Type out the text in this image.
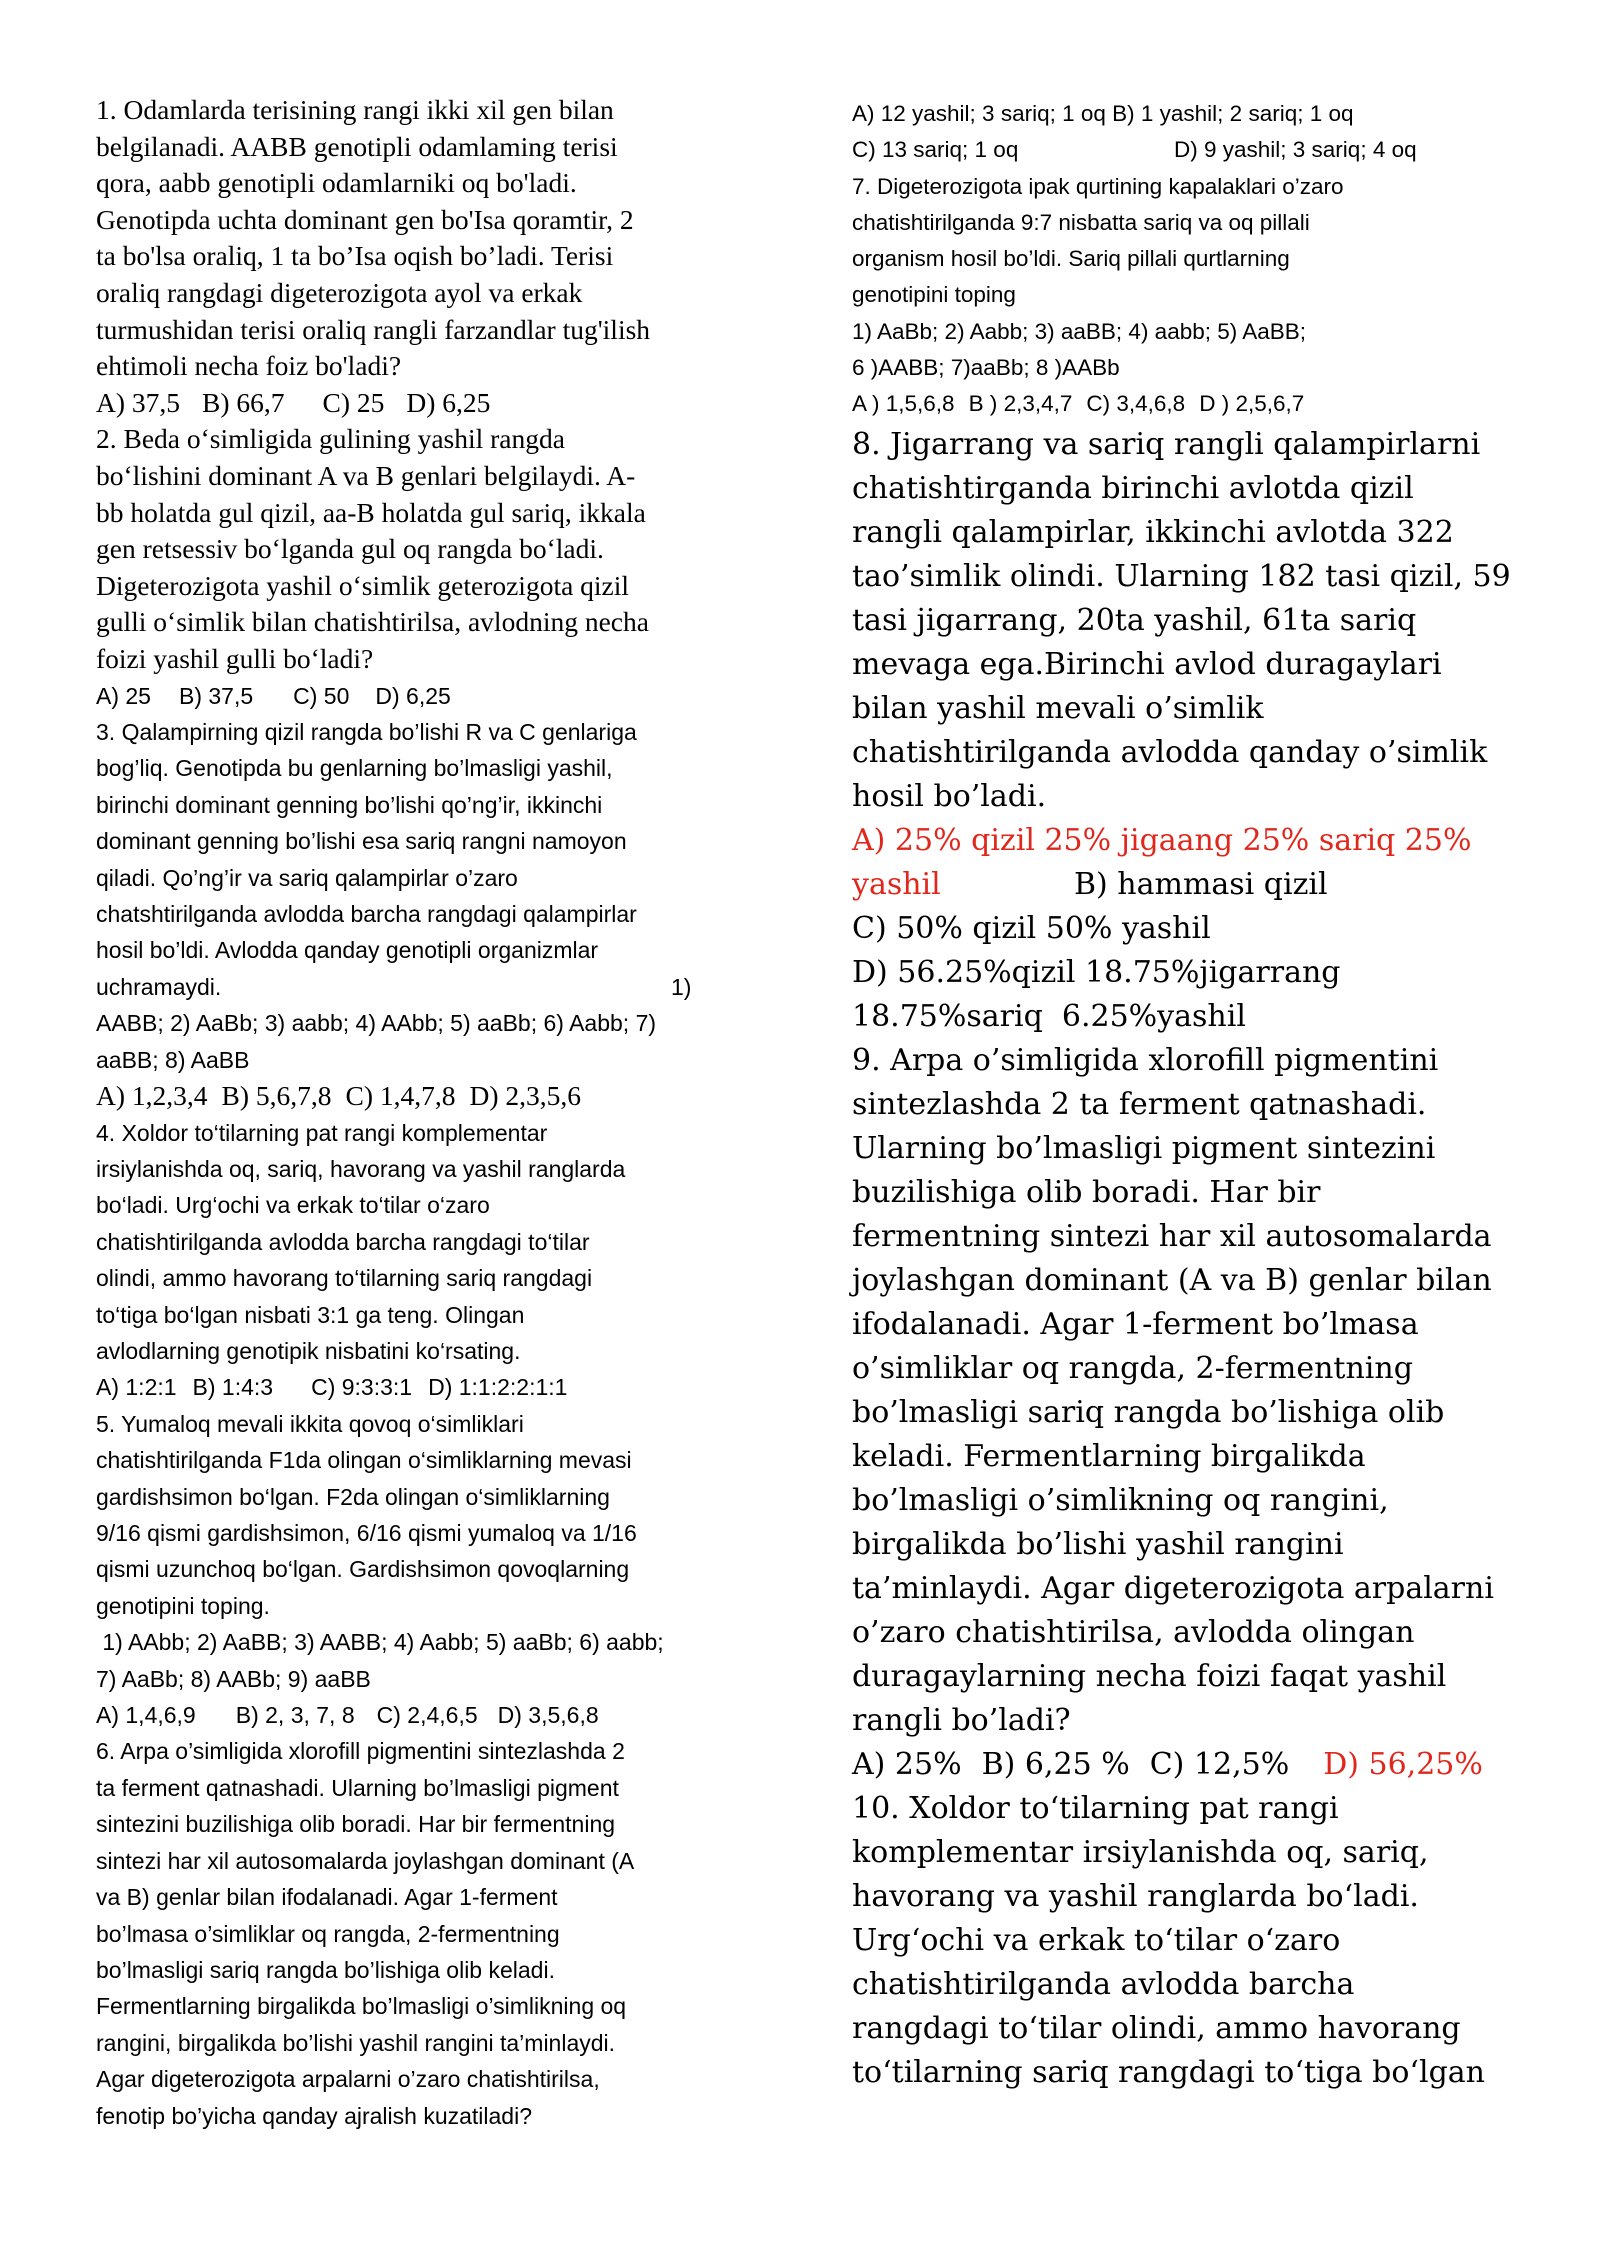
1. Odamlarda terisining rangi ikki xil gen bilan

belgilanadi. AABB genotipli odamlaming terisi

qora, aabb genotipli odamlarniki oq bo'ladi.

Genotipda uchta dominant gen bo'Isa qoramtir, 2

ta bo'lsa oraliq, 1 ta bo’Isa oqish bo’ladi. Terisi

oraliq rangdagi digeterozigota ayol va erkak

turmushidan terisi oraliq rangli farzandlar tug'ilish

ehtimoli necha foiz bo'ladi?

A) 37,5 B) 66,7 C) 25 D) 6,25

2. Beda o‘simligida gulining yashil rangda

bo‘lishini dominant A va B genlari belgilaydi. A-

bb holatda gul qizil, aa-B holatda gul sariq, ikkala

gen retsessiv bo‘lganda gul oq rangda bo‘ladi.

Digeterozigota yashil o‘simlik geterozigota qizil

gulli o‘simlik bilan chatishtirilsa, avlodning necha

foizi yashil gulli bo‘ladi?

A) 25 B) 37,5 C) 50 D) 6,25

3. Qalampirning qizil rangda bo’lishi R va C genlariga

bog’liq. Genotipda bu genlarning bo’lmasligi yashil,

birinchi dominant genning bo’lishi qo’ng’ir, ikkinchi

dominant genning bo’lishi esa sariq rangni namoyon

qiladi. Qo’ng’ir va sariq qalampirlar o’zaro

chatshtirilganda avlodda barcha rangdagi qalampirlar

hosil bo’ldi. Avlodda qanday genotipli organizmlar

uchramaydi.	1)

AABB; 2) AaBb; 3) aabb; 4) AAbb; 5) aaBb; 6) Aabb; 7)

aaBB; 8) AaBB

A) 1,2,3,4 B) 5,6,7,8 C) 1,4,7,8 D) 2,3,5,6

4. Xoldor to‘tilarning pat rangi komplementar

irsiylanishda oq, sariq, havorang va yashil ranglarda

bo‘ladi. Urg‘ochi va erkak to‘tilar o‘zaro

chatishtirilganda avlodda barcha rangdagi to‘tilar

olindi, ammo havorang to‘tilarning sariq rangdagi

to‘tiga bo‘lgan nisbati 3:1 ga teng. Olingan

avlodlarning genotipik nisbatini ko‘rsating.

A) 1:2:1 B) 1:4:3 C) 9:3:3:1 D) 1:1:2:2:1:1

5. Yumaloq mevali ikkita qovoq o‘simliklari

chatishtirilganda F1da olingan o‘simliklarning mevasi

gardishsimon bo‘lgan. F2da olingan o‘simliklarning

9/16 qismi gardishsimon, 6/16 qismi yumaloq va 1/16

qismi uzunchoq bo‘lgan. Gardishsimon qovoqlarning

genotipini toping.

1) AAbb; 2) AaBB; 3) AABB; 4) Aabb; 5) aaBb; 6) aabb;

7) AaBb; 8) AABb; 9) aaBB

A) 1,4,6,9 B) 2, 3, 7, 8 C) 2,4,6,5 D) 3,5,6,8

6. Arpa o’simligida xlorofill pigmentini sintezlashda 2

ta ferment qatnashadi. Ularning bo’lmasligi pigment

sintezini buzilishiga olib boradi. Har bir fermentning

sintezi har xil autosomalarda joylashgan dominant (A

va B) genlar bilan ifodalanadi. Agar 1-ferment

bo’lmasa o’simliklar oq rangda, 2-fermentning

bo’lmasligi sariq rangda bo’lishiga olib keladi.

Fermentlarning birgalikda bo’lmasligi o’simlikning oq

rangini, birgalikda bo’lishi yashil rangini ta’minlaydi.

Agar digeterozigota arpalarni o’zaro chatishtirilsa,

fenotip bo’yicha qanday ajralish kuzatiladi?

A) 12 yashil; 3 sariq; 1 oq B) 1 yashil; 2 sariq; 1 oq

C) 13 sariq; 1 oq	D) 9 yashil; 3 sariq; 4 oq

7. Digeterozigota ipak qurtining kapalaklari o’zaro

chatishtirilganda 9:7 nisbatta sariq va oq pillali

organism hosil bo’ldi. Sariq pillali qurtlarning

genotipini toping

1) AaBb; 2) Aabb; 3) aaBB; 4) aabb; 5) AaBB;

6 )AABB; 7)aaBb; 8 )AABb

A ) 1,5,6,8 B ) 2,3,4,7 C) 3,4,6,8 D ) 2,5,6,7

8. Jigarrang va sariq rangli qalampirlarni

chatishtirganda birinchi avlotda qizil

rangli qalampirlar, ikkinchi avlotda 322

tao’simlik olindi. Ularning 182 tasi qizil, 59

tasi jigarrang, 20ta yashil, 61ta sariq

mevaga ega.Birinchi avlod duragaylari

bilan yashil mevali o’simlik

chatishtirilganda avlodda qanday o’simlik

hosil bo’ladi.

A) 25% qizil 25% jigaang 25% sariq 25%

yashil	B) hammasi qizil

C) 50% qizil 50% yashil

D) 56.25%qizil 18.75%jigarrang

18.75%sariq  6.25%yashil

9. Arpa o’simligida xlorofill pigmentini

sintezlashda 2 ta ferment qatnashadi.

Ularning bo’lmasligi pigment sintezini

buzilishiga olib boradi. Har bir

fermentning sintezi har xil autosomalarda

joylashgan dominant (A va B) genlar bilan

ifodalanadi. Agar 1-ferment bo’lmasa

o’simliklar oq rangda, 2-fermentning

bo’lmasligi sariq rangda bo’lishiga olib

keladi. Fermentlarning birgalikda

bo’lmasligi o’simlikning oq rangini,

birgalikda bo’lishi yashil rangini

ta’minlaydi. Agar digeterozigota arpalarni

o’zaro chatishtirilsa, avlodda olingan

duragaylarning necha foizi faqat yashil

rangli bo’ladi?

A) 25% B) 6,25 % C) 12,5% D) 56,25%

10. Xoldor to‘tilarning pat rangi

komplementar irsiylanishda oq, sariq,

havorang va yashil ranglarda bo‘ladi.

Urg‘ochi va erkak to‘tilar o‘zaro

chatishtirilganda avlodda barcha

rangdagi to‘tilar olindi, ammo havorang

to‘tilarning sariq rangdagi to‘tiga bo‘lgan
